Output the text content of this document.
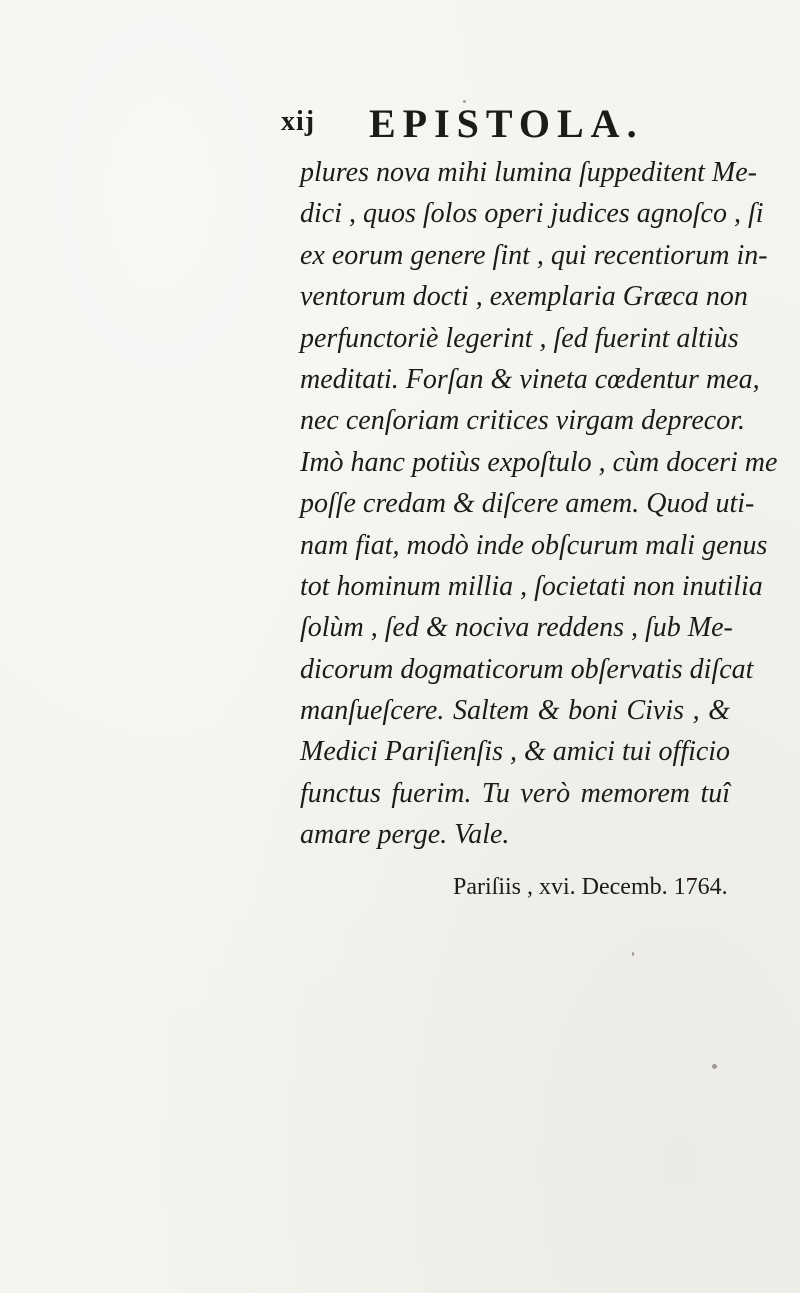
xij EPISTOLA.
plures nova mihi lumina ſuppeditent Me-
dici , quos ſolos operi judices agnoſco , ſi
ex eorum genere ſint , qui recentiorum in-
ventorum docti , exemplaria Græca non
perfunctoriè legerint , ſed fuerint altiùs
meditati. Forſan & vineta cœdentur mea,
nec cenſoriam critices virgam deprecor.
Imò hanc potiùs expoſtulo , cùm doceri me
poſſe credam & diſcere amem. Quod uti-
nam fiat, modò inde obſcurum mali genus
tot hominum millia , ſocietati non inutilia
ſolùm , ſed & nociva reddens , ſub Me-
dicorum dogmaticorum obſervatis diſcat
manſueſcere. Saltem & boni Civis , &
Medici Pariſienſis , & amici tui officio
functus fuerim. Tu verò memorem tuî
amare perge. Vale.
Pariſiis , xvi. Decemb. 1764.
